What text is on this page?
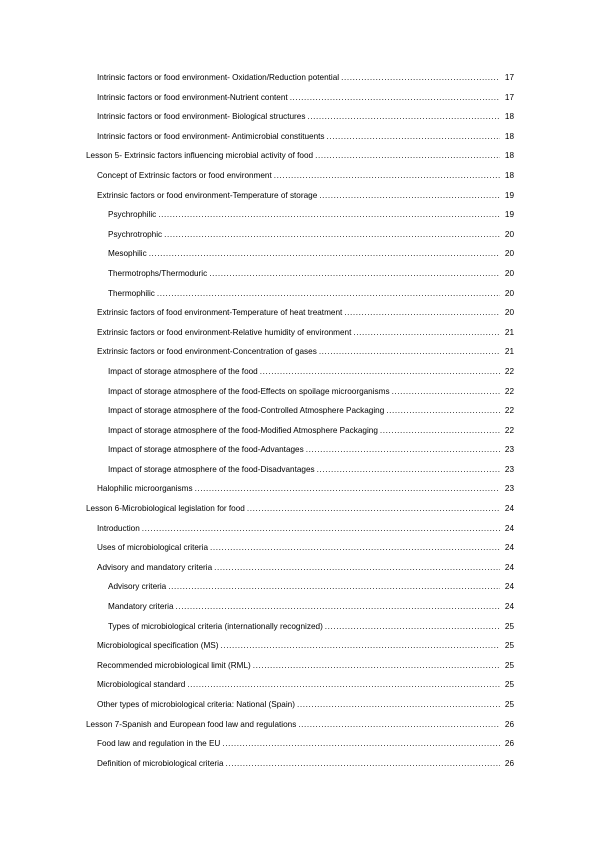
Intrinsic factors or food environment- Oxidation/Reduction potential .....	17
Intrinsic factors or food environment-Nutrient content .....	17
Intrinsic factors or food environment- Biological structures .....	18
Intrinsic factors or food environment- Antimicrobial constituents .....	18
Lesson 5- Extrinsic factors influencing microbial activity of food .....	18
Concept of Extrinsic factors or food environment .....	18
Extrinsic factors or food environment-Temperature of storage .....	19
Psychrophilic .....	19
Psychrotrophic .....	20
Mesophilic .....	20
Thermotrophs/Thermoduric .....	20
Thermophilic .....	20
Extrinsic factors of food environment-Temperature of heat treatment .....	20
Extrinsic factors or food environment-Relative humidity of environment .....	21
Extrinsic factors or food environment-Concentration of gases .....	21
Impact of storage atmosphere of the food .....	22
Impact of storage atmosphere of the food-Effects on spoilage microorganisms .....	22
Impact of storage atmosphere of the food-Controlled Atmosphere Packaging .....	22
Impact of storage atmosphere of the food-Modified Atmosphere Packaging .....	22
Impact of storage atmosphere of the food-Advantages .....	23
Impact of storage atmosphere of the food-Disadvantages .....	23
Halophilic microorganisms .....	23
Lesson 6-Microbiological legislation for food .....	24
Introduction .....	24
Uses of microbiological criteria .....	24
Advisory and mandatory criteria .....	24
Advisory criteria .....	24
Mandatory criteria .....	24
Types of microbiological criteria (internationally recognized) .....	25
Microbiological specification (MS) .....	25
Recommended microbiological limit (RML) .....	25
Microbiological standard .....	25
Other types of microbiological criteria: National (Spain) .....	25
Lesson 7-Spanish and European food law and regulations .....	26
Food law and regulation in the EU .....	26
Definition of microbiological criteria .....	26
